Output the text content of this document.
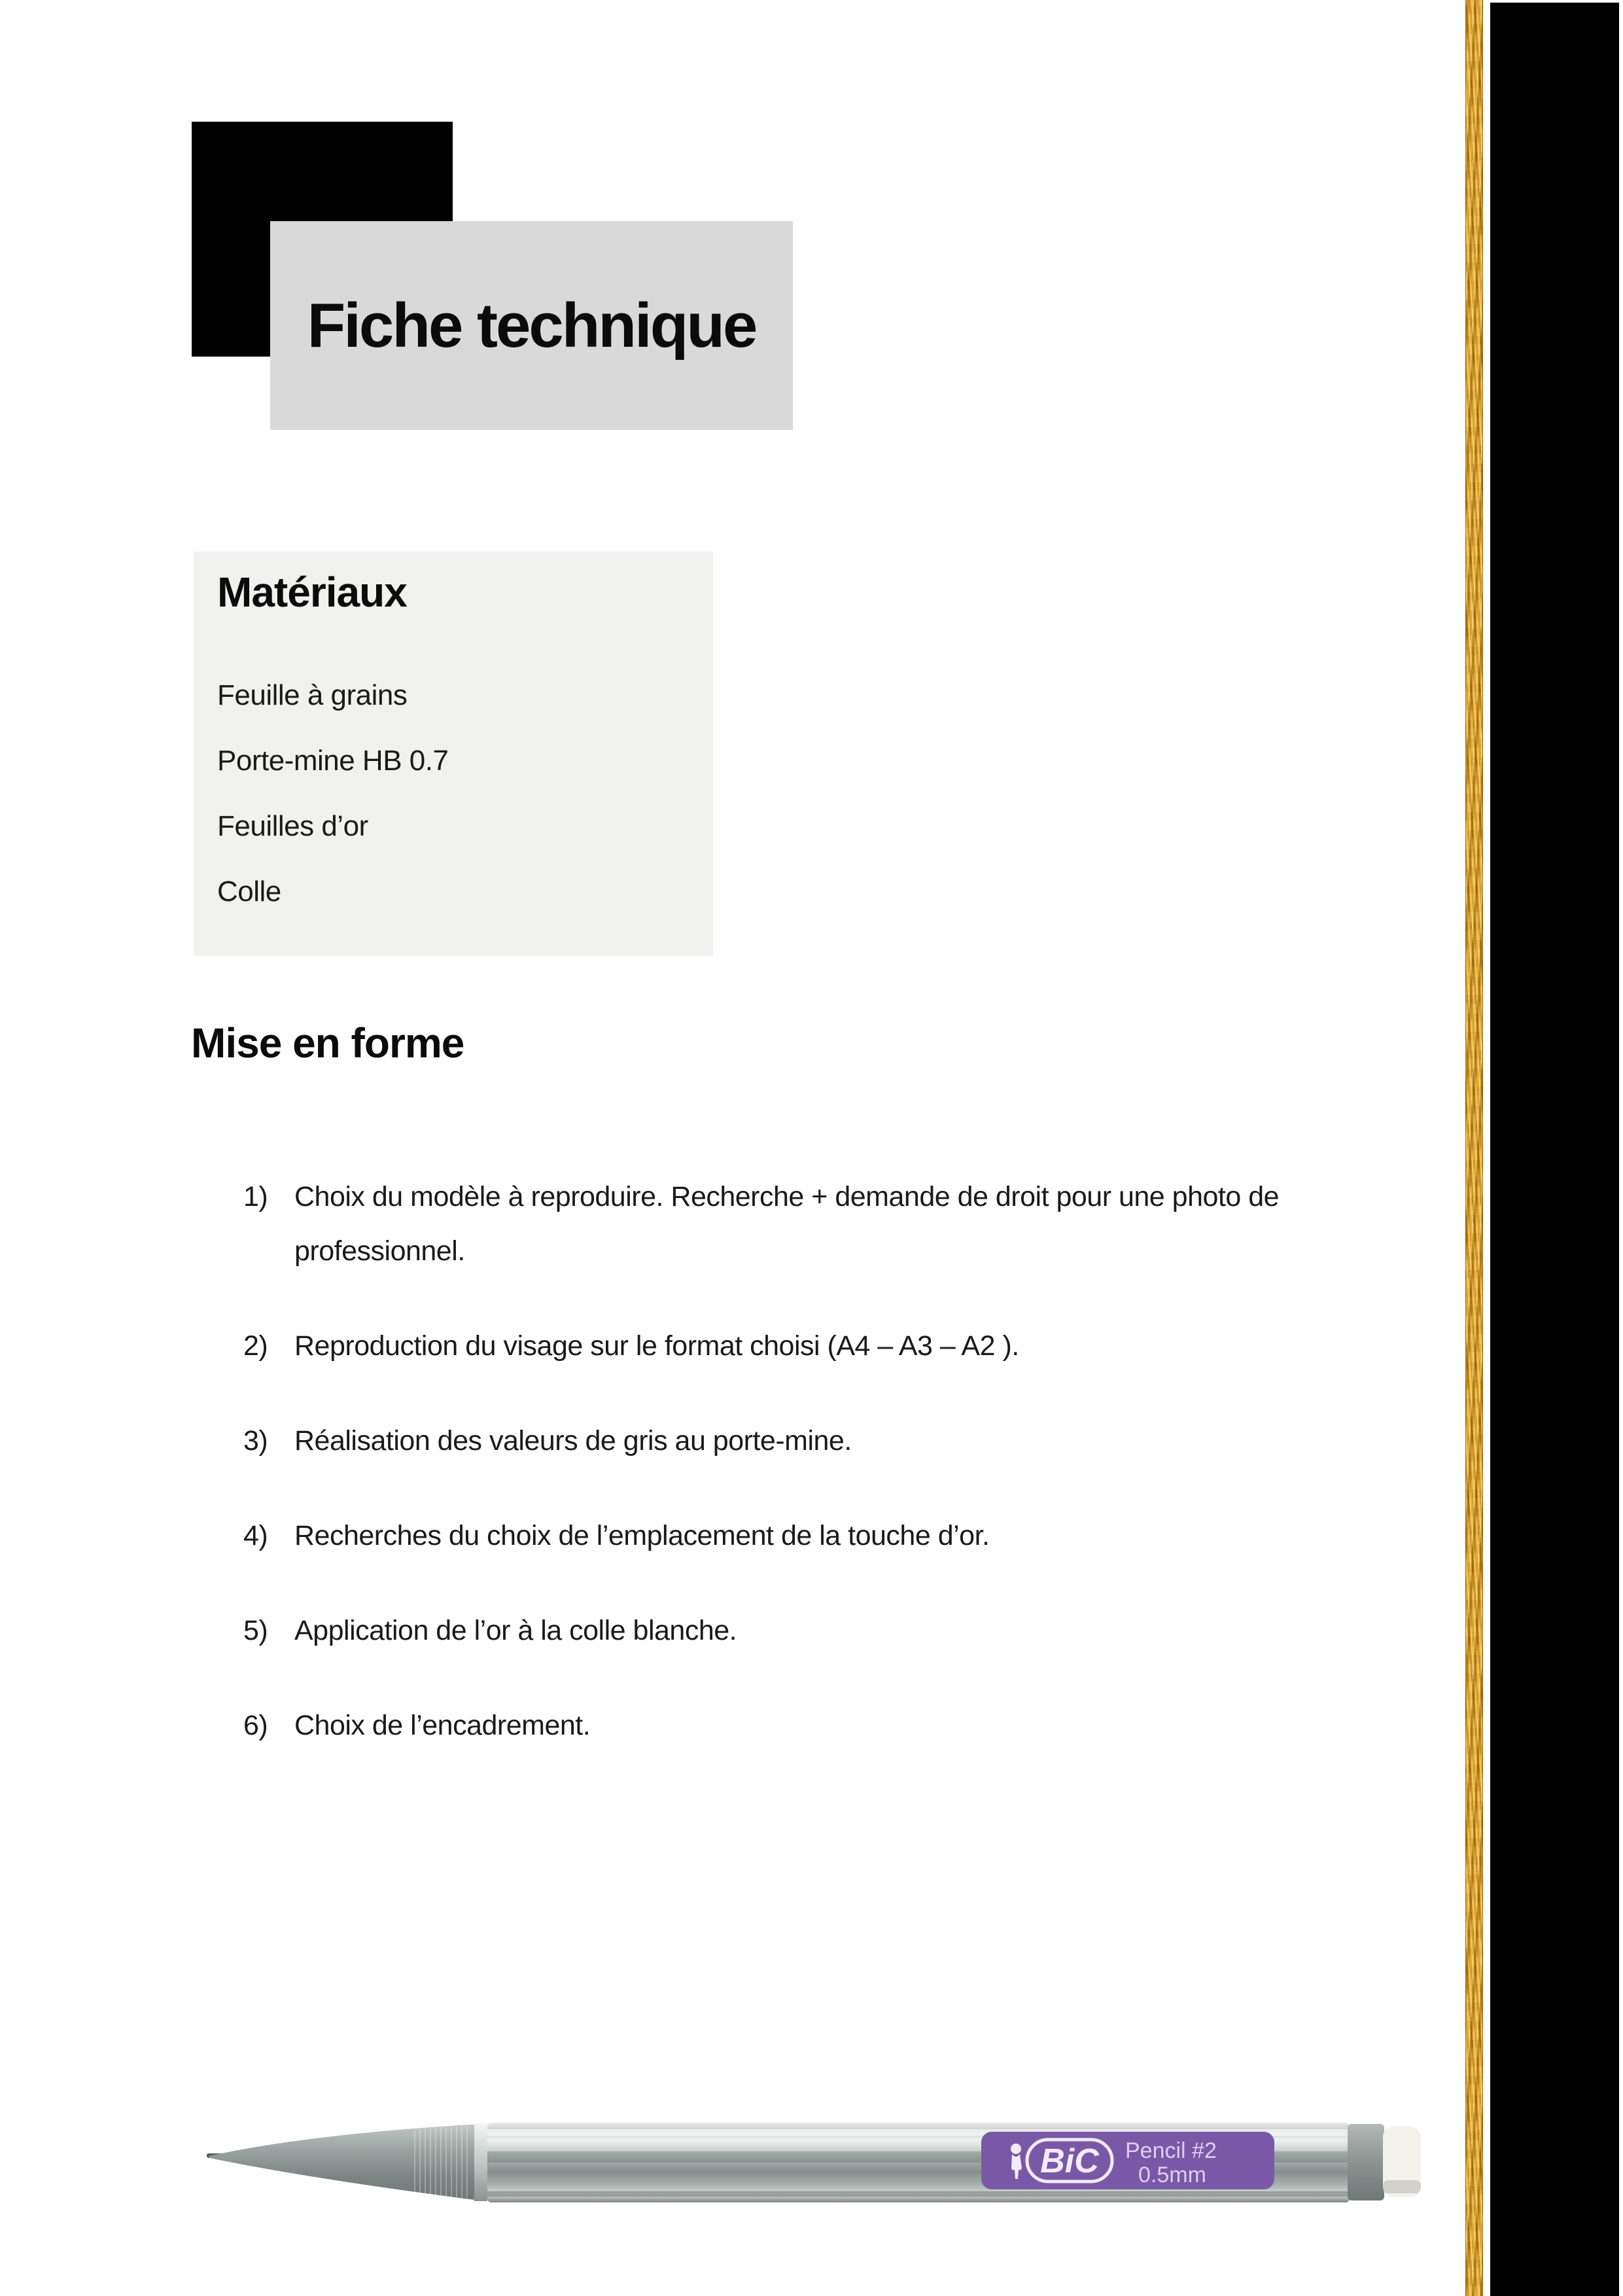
Fiche technique
Matériaux
Feuille à grains
Porte-mine HB 0.7
Feuilles d’or
Colle
Mise en forme
1) Choix du modèle à reproduire. Recherche + demande de droit pour une photo de professionnel.
2) Reproduction du visage sur le format choisi (A4 – A3 – A2 ).
3) Réalisation des valeurs de gris au porte-mine.
4) Recherches du choix de l’emplacement de la touche d’or.
5) Application de l’or à la colle blanche.
6) Choix de l’encadrement.
BiC Pencil #2
0.5mm
